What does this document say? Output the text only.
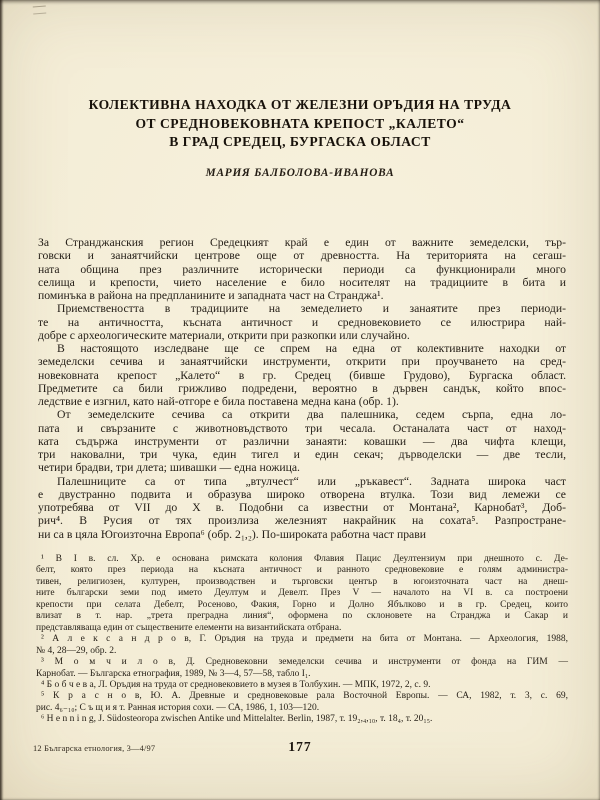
КОЛЕКТИВНА НАХОДКА ОТ ЖЕЛЕЗНИ ОРЪДИЯ НА ТРУДА
ОТ СРЕДНОВЕКОВНАТА КРЕПОСТ „КАЛЕТО“
В ГРАД СРЕДЕЦ, БУРГАСКА ОБЛАСТ
МАРИЯ БАЛБОЛОВА-ИВАНОВА
За Странджанския регион Средецкият край е един от важните земеделски, тър-
говски и занаятчийски центрове още от древността. На територията на сегаш-
ната община през различните исторически периоди са функционирали много
селища и крепости, чието население е било носителят на традициите в бита и
поминъка в района на предпланините и западната част на Странджа¹.
Приемствеността в традициите на земеделието и занаятите през периоди-
те на античността, късната античност и средновековието се илюстрира най-
добре с археологическите материали, открити при разкопки или случайно.
В настоящото изследване ще се спрем на една от колективните находки от
земеделски сечива и занаятчийски инструменти, открити при проучването на сред-
новековната крепост „Калето“ в гр. Средец (бивше Грудово), Бургаска област.
Предметите са били грижливо подредени, вероятно в дървен сандък, който впос-
ледствие е изгнил, като най-отгоре е била поставена медна кана (обр. 1).
От земеделските сечива са открити два палешника, седем сърпа, една ло-
пата и свързаните с животновъдството три чесала. Останалата част от наход-
ката съдържа инструменти от различни занаяти: ковашки — два чифта клещи,
три наковални, три чука, един тигел и един секач; дърводелски — две тесли,
четири брадви, три длета; шивашки — една ножица.
Палешниците са от типа „втулчест“ или „ръкавест“. Задната широка част
е двустранно подвита и образува широко отворена втулка. Този вид лемежи се
употребява от VII до X в. Подобни са известни от Монтана², Карнобат³, Доб-
рич⁴. В Русия от тях произлиза железният накрайник на сохата⁵. Разпростране-
ни са в цяла Югоизточна Европа⁶ (обр. 2₁,₂). По-широката работна част прави
¹ В I в. сл. Хр. е основана римската колония Флавия Пацис Деултензиум при днешното с. Де-
белт, която през периода на късната античност и ранното средновековие е голям администра-
тивен, религиозен, културен, производствен и търговски център в югоизточната част на днеш-
ните български земи под името Деултум и Девелт. През V — началото на VI в. са построени
крепости при селата Дебелт, Росеново, Факия, Горно и Долно Ябълково и в гр. Средец, които
влизат в т. нар. „трета преградна линия“, оформена по склоновете на Странджа и Сакар и
представляваща един от съществените елементи на византийската отбрана.
² А л е к с а н д р о в, Г. Оръдия на труда и предмети на бита от Монтана. — Археология, 1988,
№ 4, 28—29, обр. 2.
³ М о м ч и л о в, Д. Средновековни земеделски сечива и инструменти от фонда на ГИМ —
Карнобат. — Българска етнография, 1989, № 3—4, 57—58, табло I₁.
⁴ Б о б ч е в а, Л. Оръдия на труда от средновековието в музея в Толбухин. — МПК, 1972, 2, с. 9.
⁵ К р а с н о в, Ю. А. Древные и средновековые рала Восточной Европы. — СА, 1982, т. 3, с. 69,
рис. 4₆₋₁₀; С ъ щ и я т. Ранная история сохи. — СА, 1986, 1, 103—120.
⁶ H e n n i n g, J. Südosteoropa zwischen Antike und Mittelalter. Berlin, 1987, т. 19₂,₄,₁₀, т. 18₄, т. 20₁₅.
12 Българска етнология, 3—4/97	177
